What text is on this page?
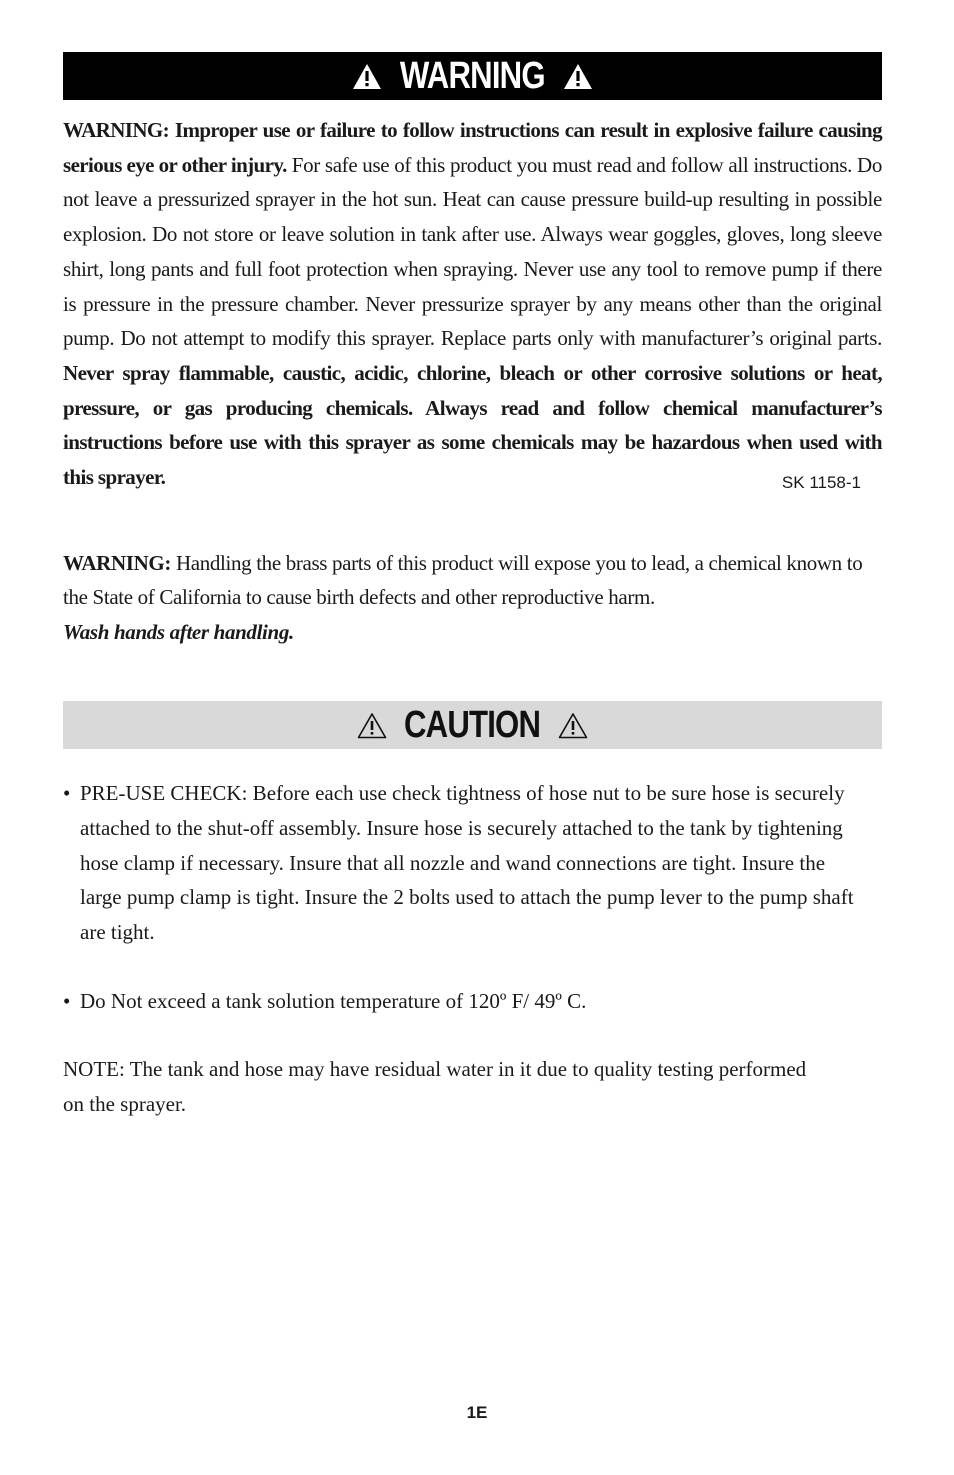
WARNING
WARNING: Improper use or failure to follow instructions can result in explosive failure causing serious eye or other injury. For safe use of this product you must read and follow all instructions. Do not leave a pressurized sprayer in the hot sun. Heat can cause pressure build-up resulting in possible explosion. Do not store or leave solution in tank after use. Always wear goggles, gloves, long sleeve shirt, long pants and full foot protection when spraying. Never use any tool to remove pump if there is pressure in the pressure chamber. Never pressurize sprayer by any means other than the original pump. Do not attempt to modify this sprayer. Replace parts only with manufacturer’s original parts. Never spray flammable, caustic, acidic, chlorine, bleach or other corrosive solutions or heat, pressure, or gas producing chemicals. Always read and follow chemical manufacturer’s instructions before use with this sprayer as some chemicals may be hazardous when used with this sprayer.	SK 1158-1
WARNING: Handling the brass parts of this product will expose you to lead, a chemical known to the State of California to cause birth defects and other reproductive harm.
Wash hands after handling.
CAUTION
• PRE-USE CHECK: Before each use check tightness of hose nut to be sure hose is securely attached to the shut-off assembly. Insure hose is securely attached to the tank by tightening hose clamp if necessary. Insure that all nozzle and wand connections are tight. Insure the large pump clamp is tight. Insure the 2 bolts used to attach the pump lever to the pump shaft are tight.
• Do Not exceed a tank solution temperature of 120º F/ 49º C.
NOTE: The tank and hose may have residual water in it due to quality testing performed on the sprayer.
1E
